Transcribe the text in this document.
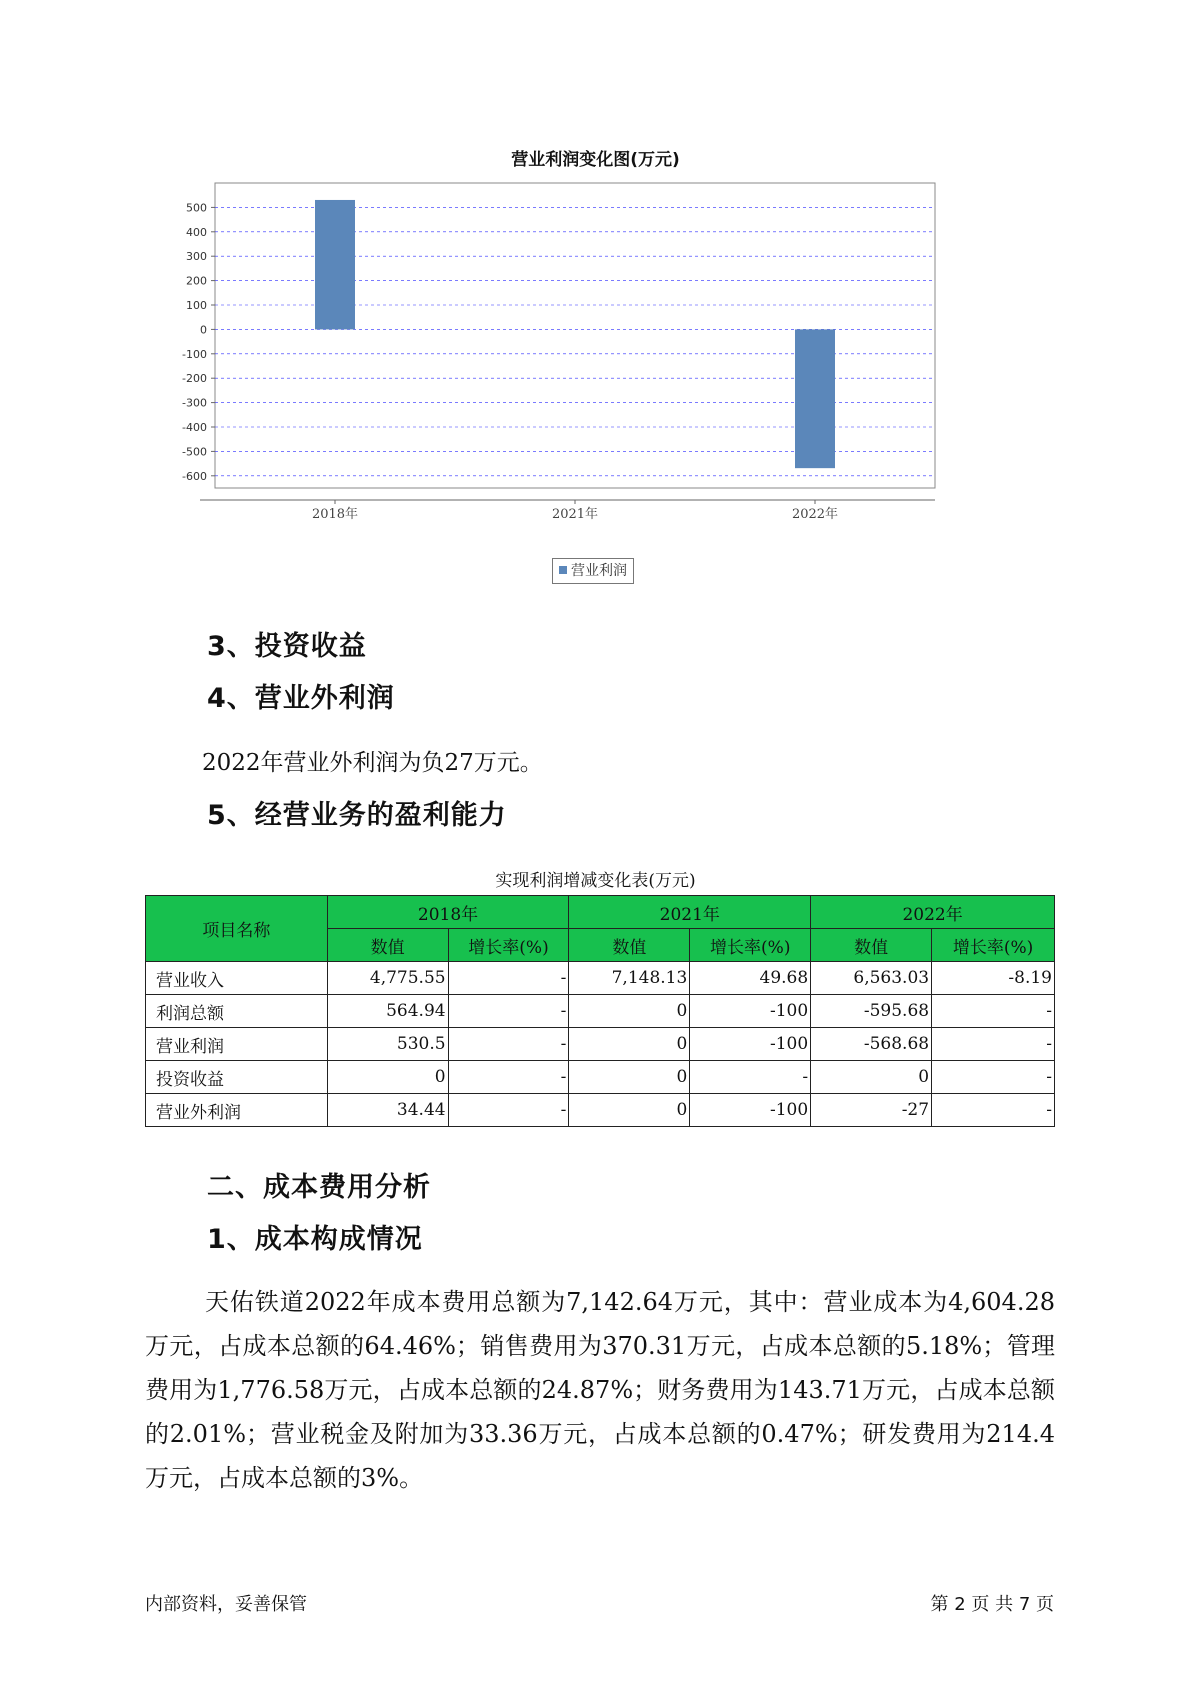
营业利润变化图(万元)
500
400
300
200
100
0
-100
-200
-300
-400
-500
-600
2018年	2021年	2022年
营业利润
3、投资收益
4、营业外利润

2022年营业外利润为负27万元。

5、经营业务的盈利能力
实现利润增减变化表(万元)
项目名称	2018年		2021年		2022年	
	数值	增长率(%)	数值	增长率(%)	数值	增长率(%)
营业收入	4,775.55	-	7,148.13	49.68	6,563.03	-8.19
利润总额	564.94	-	0	-100	-595.68	-
营业利润	530.5	-	0	-100	-568.68	-
投资收益	0	-	0	-	0	-
营业外利润	34.44	-	0	-100	-27	-
二、成本费用分析
1、成本构成情况

天佑铁道2022年成本费用总额为7,142.64万元，其中：营业成本为4,604.28万元，占成本总额的64.46%；销售费用为370.31万元，占成本总额的5.18%；管理费用为1,776.58万元，占成本总额的24.87%；财务费用为143.71万元，占成本总额的2.01%；营业税金及附加为33.36万元，占成本总额的0.47%；研发费用为214.4万元，占成本总额的3%。

内部资料，妥善保管	第 2 页 共 7 页
